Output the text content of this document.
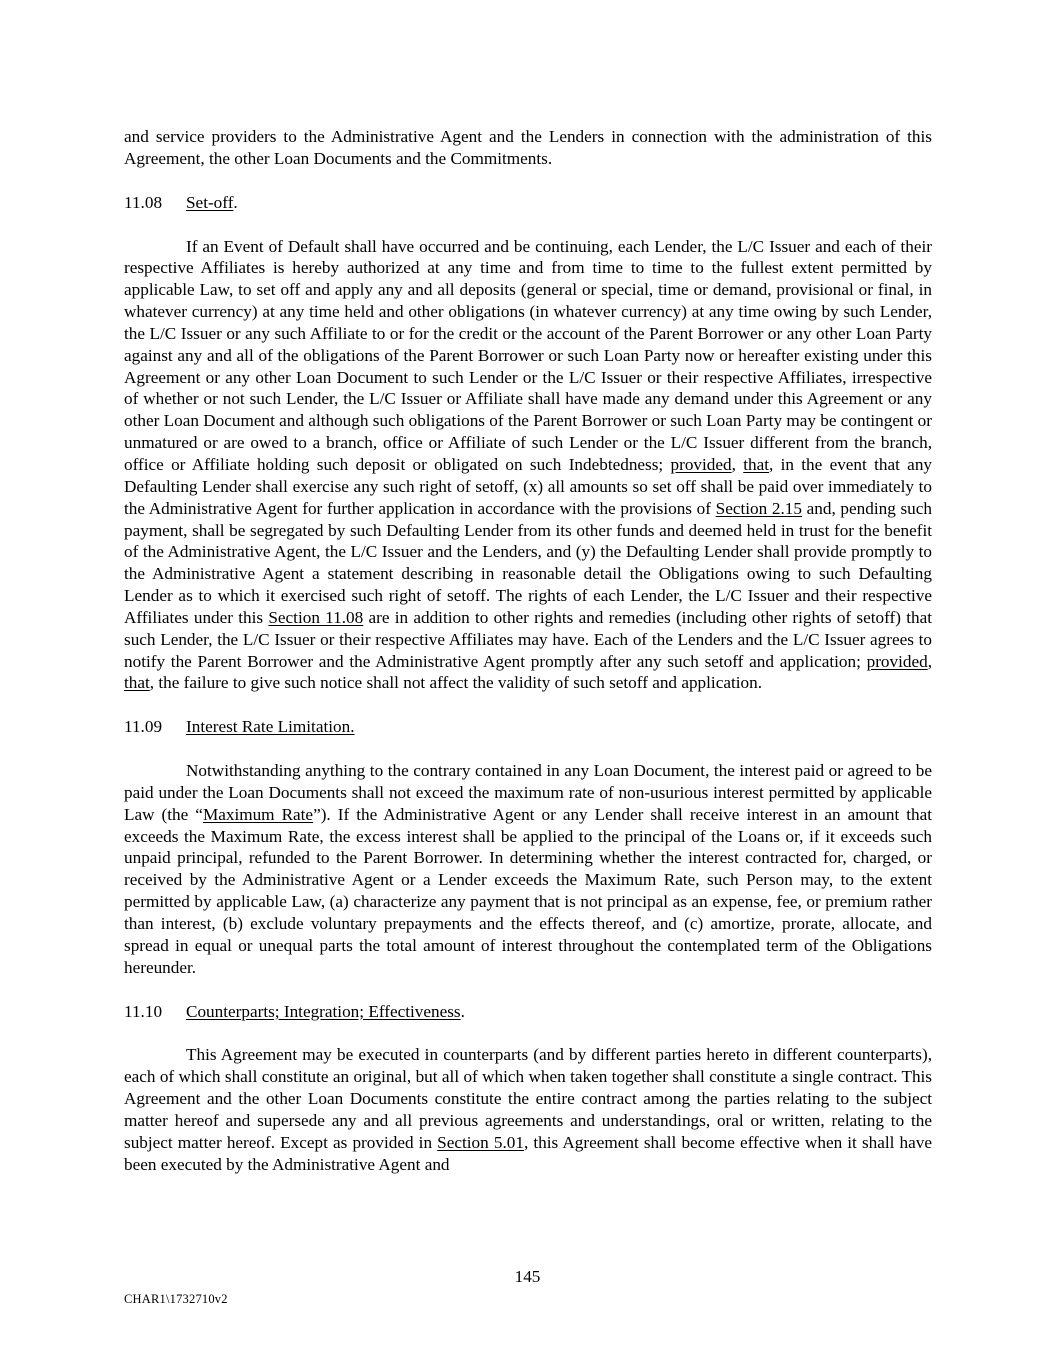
and service providers to the Administrative Agent and the Lenders in connection with the administration of this Agreement, the other Loan Documents and the Commitments.

11.08 Set-off.

If an Event of Default shall have occurred and be continuing, each Lender, the L/C Issuer and each of their respective Affiliates is hereby authorized at any time and from time to time to the fullest extent permitted by applicable Law, to set off and apply any and all deposits (general or special, time or demand, provisional or final, in whatever currency) at any time held and other obligations (in whatever currency) at any time owing by such Lender, the L/C Issuer or any such Affiliate to or for the credit or the account of the Parent Borrower or any other Loan Party against any and all of the obligations of the Parent Borrower or such Loan Party now or hereafter existing under this Agreement or any other Loan Document to such Lender or the L/C Issuer or their respective Affiliates, irrespective of whether or not such Lender, the L/C Issuer or Affiliate shall have made any demand under this Agreement or any other Loan Document and although such obligations of the Parent Borrower or such Loan Party may be contingent or unmatured or are owed to a branch, office or Affiliate of such Lender or the L/C Issuer different from the branch, office or Affiliate holding such deposit or obligated on such Indebtedness; provided, that, in the event that any Defaulting Lender shall exercise any such right of setoff, (x) all amounts so set off shall be paid over immediately to the Administrative Agent for further application in accordance with the provisions of Section 2.15 and, pending such payment, shall be segregated by such Defaulting Lender from its other funds and deemed held in trust for the benefit of the Administrative Agent, the L/C Issuer and the Lenders, and (y) the Defaulting Lender shall provide promptly to the Administrative Agent a statement describing in reasonable detail the Obligations owing to such Defaulting Lender as to which it exercised such right of setoff. The rights of each Lender, the L/C Issuer and their respective Affiliates under this Section 11.08 are in addition to other rights and remedies (including other rights of setoff) that such Lender, the L/C Issuer or their respective Affiliates may have. Each of the Lenders and the L/C Issuer agrees to notify the Parent Borrower and the Administrative Agent promptly after any such setoff and application; provided, that, the failure to give such notice shall not affect the validity of such setoff and application.

11.09 Interest Rate Limitation.

Notwithstanding anything to the contrary contained in any Loan Document, the interest paid or agreed to be paid under the Loan Documents shall not exceed the maximum rate of non-usurious interest permitted by applicable Law (the “Maximum Rate”). If the Administrative Agent or any Lender shall receive interest in an amount that exceeds the Maximum Rate, the excess interest shall be applied to the principal of the Loans or, if it exceeds such unpaid principal, refunded to the Parent Borrower. In determining whether the interest contracted for, charged, or received by the Administrative Agent or a Lender exceeds the Maximum Rate, such Person may, to the extent permitted by applicable Law, (a) characterize any payment that is not principal as an expense, fee, or premium rather than interest, (b) exclude voluntary prepayments and the effects thereof, and (c) amortize, prorate, allocate, and spread in equal or unequal parts the total amount of interest throughout the contemplated term of the Obligations hereunder.

11.10 Counterparts; Integration; Effectiveness.

This Agreement may be executed in counterparts (and by different parties hereto in different counterparts), each of which shall constitute an original, but all of which when taken together shall constitute a single contract. This Agreement and the other Loan Documents constitute the entire contract among the parties relating to the subject matter hereof and supersede any and all previous agreements and understandings, oral or written, relating to the subject matter hereof. Except as provided in Section 5.01, this Agreement shall become effective when it shall have been executed by the Administrative Agent and

145
CHAR1\1732710v2
